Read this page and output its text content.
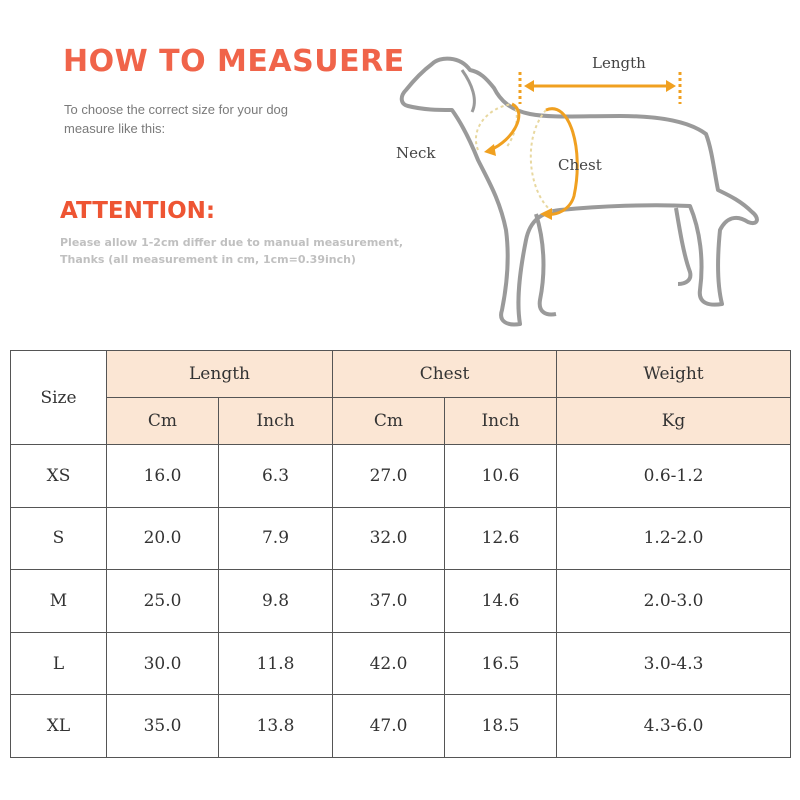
HOW TO MEASUERE
To choose the correct size for your dog
measure like this:
ATTENTION:
Please allow 1-2cm differ due to manual measurement,
Thanks (all measurement in cm, 1cm=0.39inch)
Length
Neck
Chest
Size	Length		Chest		Weight
	Cm	Inch	Cm	Inch	Kg
XS	16.0	6.3	27.0	10.6	0.6-1.2
S	20.0	7.9	32.0	12.6	1.2-2.0
M	25.0	9.8	37.0	14.6	2.0-3.0
L	30.0	11.8	42.0	16.5	3.0-4.3
XL	35.0	13.8	47.0	18.5	4.3-6.0
